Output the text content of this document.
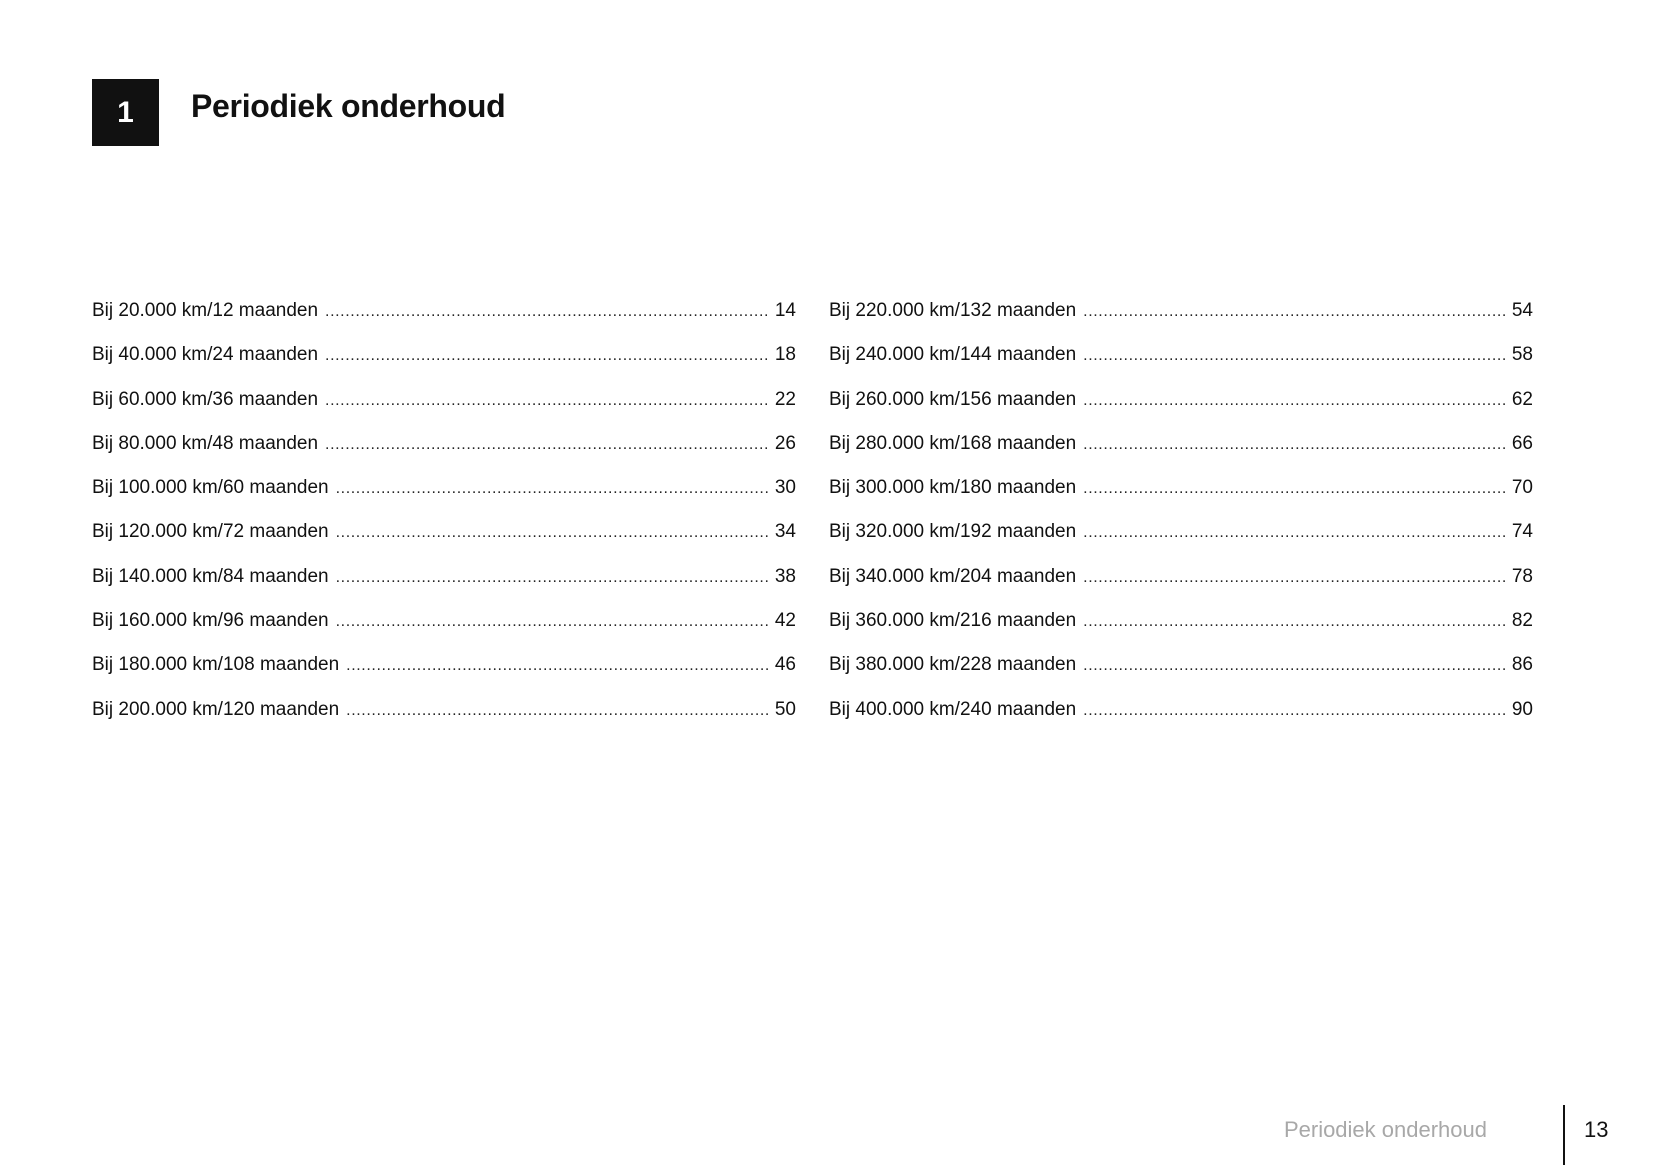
1 Periodiek onderhoud
Bij 20.000 km/12 maanden .....	14
Bij 40.000 km/24 maanden .....	18
Bij 60.000 km/36 maanden .....	22
Bij 80.000 km/48 maanden .....	26
Bij 100.000 km/60 maanden .....	30
Bij 120.000 km/72 maanden .....	34
Bij 140.000 km/84 maanden .....	38
Bij 160.000 km/96 maanden .....	42
Bij 180.000 km/108 maanden .....	46
Bij 200.000 km/120 maanden .....	50
Bij 220.000 km/132 maanden .....	54
Bij 240.000 km/144 maanden .....	58
Bij 260.000 km/156 maanden .....	62
Bij 280.000 km/168 maanden .....	66
Bij 300.000 km/180 maanden .....	70
Bij 320.000 km/192 maanden .....	74
Bij 340.000 km/204 maanden .....	78
Bij 360.000 km/216 maanden .....	82
Bij 380.000 km/228 maanden .....	86
Bij 400.000 km/240 maanden .....	90
Periodiek onderhoud	13
